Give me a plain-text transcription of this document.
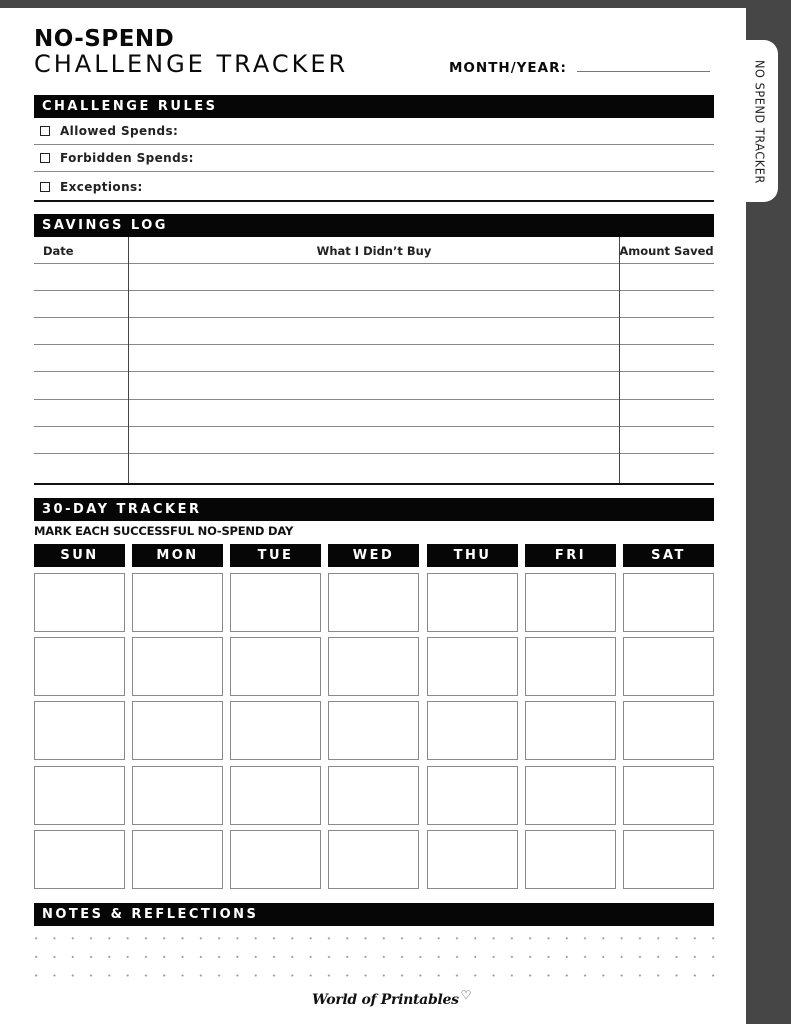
NO SPEND TRACKER
NO-SPEND
CHALLENGE TRACKER	MONTH/YEAR:
CHALLENGE RULES
Allowed Spends:
Forbidden Spends:
Exceptions:
SAVINGS LOG
Date	What I Didn’t Buy	Amount Saved
30-DAY TRACKER
MARK EACH SUCCESSFUL NO-SPEND DAY
SUN	MON	TUE	WED	THU	FRI	SAT
NOTES & REFLECTIONS
World of Printables ♡
